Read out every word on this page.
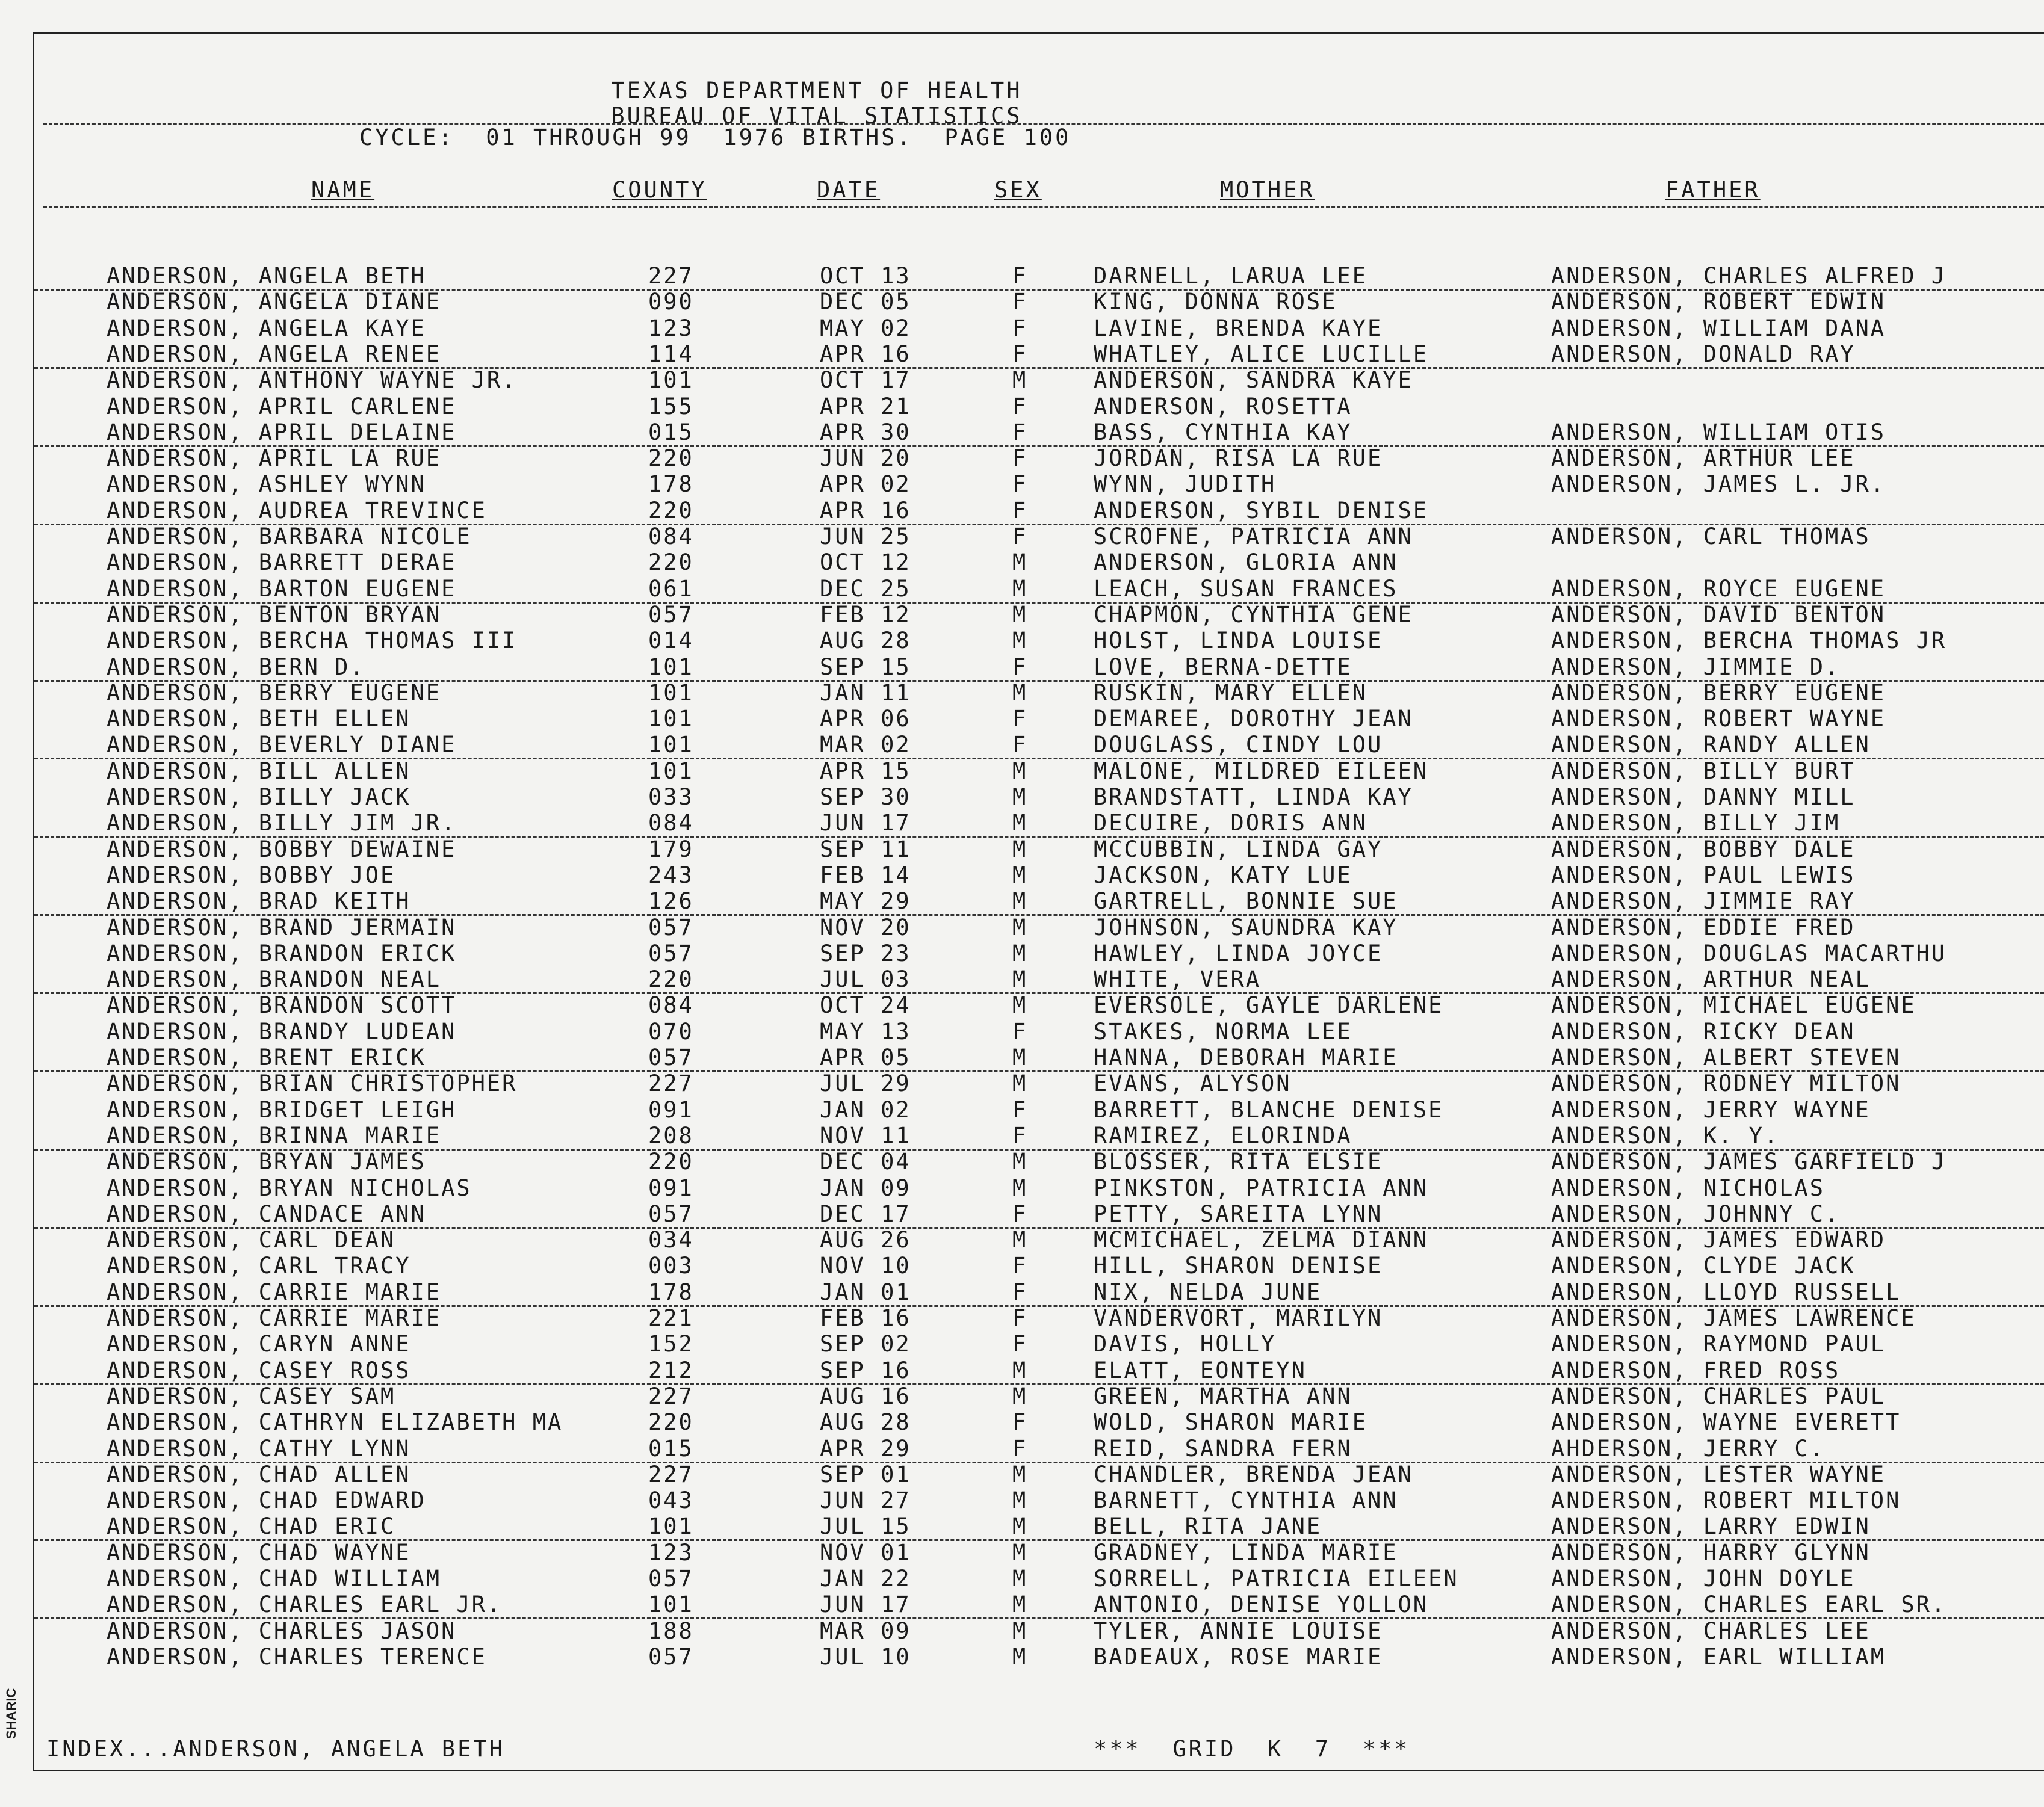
TEXAS DEPARTMENT OF HEALTH
BUREAU OF VITAL STATISTICS
CYCLE:  01 THROUGH 99  1976 BIRTHS.  PAGE 100
NAME	COUNTY	DATE	SEX	MOTHER	FATHER
ANDERSON, ANGELA BETH	227	OCT 13	F	DARNELL, LARUA LEE	ANDERSON, CHARLES ALFRED J
ANDERSON, ANGELA DIANE	090	DEC 05	F	KING, DONNA ROSE	ANDERSON, ROBERT EDWIN
ANDERSON, ANGELA KAYE	123	MAY 02	F	LAVINE, BRENDA KAYE	ANDERSON, WILLIAM DANA
ANDERSON, ANGELA RENEE	114	APR 16	F	WHATLEY, ALICE LUCILLE	ANDERSON, DONALD RAY
ANDERSON, ANTHONY WAYNE JR.	101	OCT 17	M	ANDERSON, SANDRA KAYE
ANDERSON, APRIL CARLENE	155	APR 21	F	ANDERSON, ROSETTA
ANDERSON, APRIL DELAINE	015	APR 30	F	BASS, CYNTHIA KAY	ANDERSON, WILLIAM OTIS
ANDERSON, APRIL LA RUE	220	JUN 20	F	JORDAN, RISA LA RUE	ANDERSON, ARTHUR LEE
ANDERSON, ASHLEY WYNN	178	APR 02	F	WYNN, JUDITH	ANDERSON, JAMES L. JR.
ANDERSON, AUDREA TREVINCE	220	APR 16	F	ANDERSON, SYBIL DENISE
ANDERSON, BARBARA NICOLE	084	JUN 25	F	SCROFNE, PATRICIA ANN	ANDERSON, CARL THOMAS
ANDERSON, BARRETT DERAE	220	OCT 12	M	ANDERSON, GLORIA ANN
ANDERSON, BARTON EUGENE	061	DEC 25	M	LEACH, SUSAN FRANCES	ANDERSON, ROYCE EUGENE
ANDERSON, BENTON BRYAN	057	FEB 12	M	CHAPMON, CYNTHIA GENE	ANDERSON, DAVID BENTON
ANDERSON, BERCHA THOMAS III	014	AUG 28	M	HOLST, LINDA LOUISE	ANDERSON, BERCHA THOMAS JR
ANDERSON, BERN D.	101	SEP 15	F	LOVE, BERNA-DETTE	ANDERSON, JIMMIE D.
ANDERSON, BERRY EUGENE	101	JAN 11	M	RUSKIN, MARY ELLEN	ANDERSON, BERRY EUGENE
ANDERSON, BETH ELLEN	101	APR 06	F	DEMAREE, DOROTHY JEAN	ANDERSON, ROBERT WAYNE
ANDERSON, BEVERLY DIANE	101	MAR 02	F	DOUGLASS, CINDY LOU	ANDERSON, RANDY ALLEN
ANDERSON, BILL ALLEN	101	APR 15	M	MALONE, MILDRED EILEEN	ANDERSON, BILLY BURT
ANDERSON, BILLY JACK	033	SEP 30	M	BRANDSTATT, LINDA KAY	ANDERSON, DANNY MILL
ANDERSON, BILLY JIM JR.	084	JUN 17	M	DECUIRE, DORIS ANN	ANDERSON, BILLY JIM
ANDERSON, BOBBY DEWAINE	179	SEP 11	M	MCCUBBIN, LINDA GAY	ANDERSON, BOBBY DALE
ANDERSON, BOBBY JOE	243	FEB 14	M	JACKSON, KATY LUE	ANDERSON, PAUL LEWIS
ANDERSON, BRAD KEITH	126	MAY 29	M	GARTRELL, BONNIE SUE	ANDERSON, JIMMIE RAY
ANDERSON, BRAND JERMAIN	057	NOV 20	M	JOHNSON, SAUNDRA KAY	ANDERSON, EDDIE FRED
ANDERSON, BRANDON ERICK	057	SEP 23	M	HAWLEY, LINDA JOYCE	ANDERSON, DOUGLAS MACARTHU
ANDERSON, BRANDON NEAL	220	JUL 03	M	WHITE, VERA	ANDERSON, ARTHUR NEAL
ANDERSON, BRANDON SCOTT	084	OCT 24	M	EVERSOLE, GAYLE DARLENE	ANDERSON, MICHAEL EUGENE
ANDERSON, BRANDY LUDEAN	070	MAY 13	F	STAKES, NORMA LEE	ANDERSON, RICKY DEAN
ANDERSON, BRENT ERICK	057	APR 05	M	HANNA, DEBORAH MARIE	ANDERSON, ALBERT STEVEN
ANDERSON, BRIAN CHRISTOPHER	227	JUL 29	M	EVANS, ALYSON	ANDERSON, RODNEY MILTON
ANDERSON, BRIDGET LEIGH	091	JAN 02	F	BARRETT, BLANCHE DENISE	ANDERSON, JERRY WAYNE
ANDERSON, BRINNA MARIE	208	NOV 11	F	RAMIREZ, ELORINDA	ANDERSON, K. Y.
ANDERSON, BRYAN JAMES	220	DEC 04	M	BLOSSER, RITA ELSIE	ANDERSON, JAMES GARFIELD J
ANDERSON, BRYAN NICHOLAS	091	JAN 09	M	PINKSTON, PATRICIA ANN	ANDERSON, NICHOLAS
ANDERSON, CANDACE ANN	057	DEC 17	F	PETTY, SAREITA LYNN	ANDERSON, JOHNNY C.
ANDERSON, CARL DEAN	034	AUG 26	M	MCMICHAEL, ZELMA DIANN	ANDERSON, JAMES EDWARD
ANDERSON, CARL TRACY	003	NOV 10	F	HILL, SHARON DENISE	ANDERSON, CLYDE JACK
ANDERSON, CARRIE MARIE	178	JAN 01	F	NIX, NELDA JUNE	ANDERSON, LLOYD RUSSELL
ANDERSON, CARRIE MARIE	221	FEB 16	F	VANDERVORT, MARILYN	ANDERSON, JAMES LAWRENCE
ANDERSON, CARYN ANNE	152	SEP 02	F	DAVIS, HOLLY	ANDERSON, RAYMOND PAUL
ANDERSON, CASEY ROSS	212	SEP 16	M	ELATT, EONTEYN	ANDERSON, FRED ROSS
ANDERSON, CASEY SAM	227	AUG 16	M	GREEN, MARTHA ANN	ANDERSON, CHARLES PAUL
ANDERSON, CATHRYN ELIZABETH MA	220	AUG 28	F	WOLD, SHARON MARIE	ANDERSON, WAYNE EVERETT
ANDERSON, CATHY LYNN	015	APR 29	F	REID, SANDRA FERN	AHDERSON, JERRY C.
ANDERSON, CHAD ALLEN	227	SEP 01	M	CHANDLER, BRENDA JEAN	ANDERSON, LESTER WAYNE
ANDERSON, CHAD EDWARD	043	JUN 27	M	BARNETT, CYNTHIA ANN	ANDERSON, ROBERT MILTON
ANDERSON, CHAD ERIC	101	JUL 15	M	BELL, RITA JANE	ANDERSON, LARRY EDWIN
ANDERSON, CHAD WAYNE	123	NOV 01	M	GRADNEY, LINDA MARIE	ANDERSON, HARRY GLYNN
ANDERSON, CHAD WILLIAM	057	JAN 22	M	SORRELL, PATRICIA EILEEN	ANDERSON, JOHN DOYLE
ANDERSON, CHARLES EARL JR.	101	JUN 17	M	ANTONIO, DENISE YOLLON	ANDERSON, CHARLES EARL SR.
ANDERSON, CHARLES JASON	188	MAR 09	M	TYLER, ANNIE LOUISE	ANDERSON, CHARLES LEE
ANDERSON, CHARLES TERENCE	057	JUL 10	M	BADEAUX, ROSE MARIE	ANDERSON, EARL WILLIAM
INDEX...ANDERSON, ANGELA BETH	***  GRID  K  7  ***
SHARIC
